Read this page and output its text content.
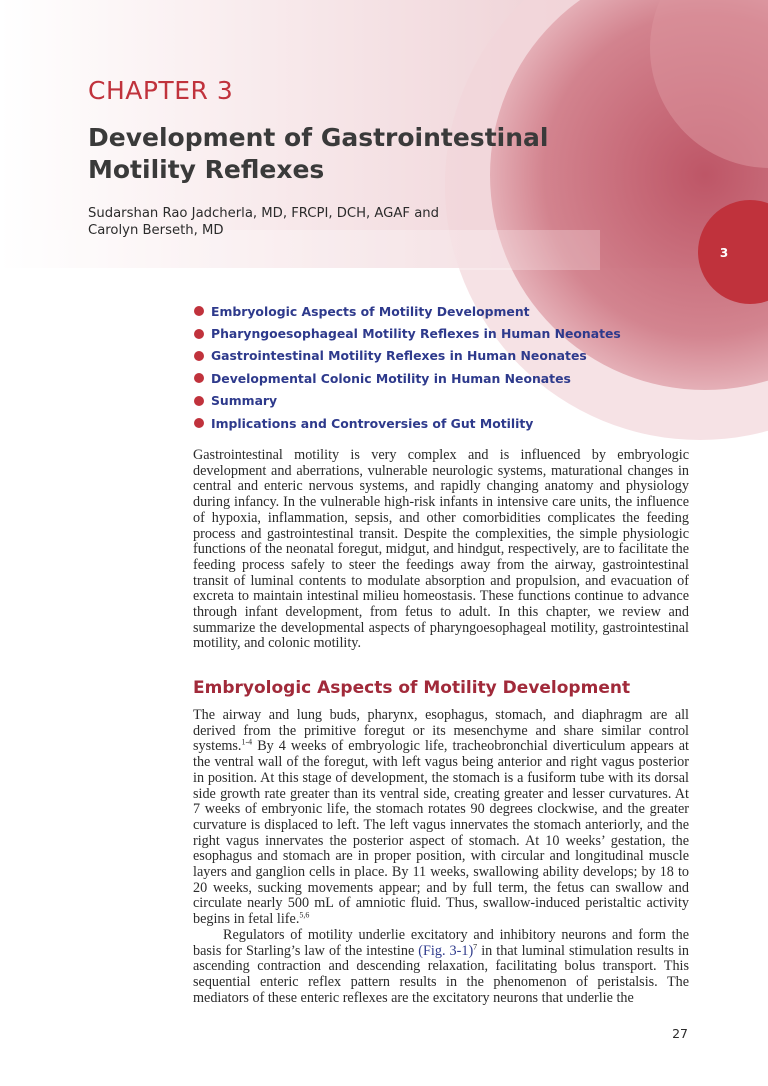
CHAPTER 3
Development of Gastrointestinal
Motility Reflexes
Sudarshan Rao Jadcherla, MD, FRCPI, DCH, AGAF and
Carolyn Berseth, MD
3
Embryologic Aspects of Motility Development
Pharyngoesophageal Motility Reflexes in Human Neonates
Gastrointestinal Motility Reflexes in Human Neonates
Developmental Colonic Motility in Human Neonates
Summary
Implications and Controversies of Gut Motility

Gastrointestinal motility is very complex and is influenced by embryologic development and aberrations, vulnerable neurologic systems, maturational changes in central and enteric nervous systems, and rapidly changing anatomy and physiology during infancy. In the vulnerable high-risk infants in intensive care units, the influence of hypoxia, inflammation, sepsis, and other comorbidities complicates the feeding process and gastrointestinal transit. Despite the complexities, the simple physiologic functions of the neonatal foregut, midgut, and hindgut, respectively, are to facilitate the feeding process safely to steer the feedings away from the airway, gastrointestinal transit of luminal contents to modulate absorption and propulsion, and evacuation of excreta to maintain intestinal milieu homeostasis. These functions continue to advance through infant development, from fetus to adult. In this chapter, we review and summarize the developmental aspects of pharyngoesophageal motility, gastrointestinal motility, and colonic motility.

Embryologic Aspects of Motility Development

The airway and lung buds, pharynx, esophagus, stomach, and diaphragm are all derived from the primitive foregut or its mesenchyme and share similar control systems.$^{1-4}$ By 4 weeks of embryologic life, tracheobronchial diverticulum appears at the ventral wall of the foregut, with left vagus being anterior and right vagus posterior in position. At this stage of development, the stomach is a fusiform tube with its dorsal side growth rate greater than its ventral side, creating greater and lesser curvatures. At 7 weeks of embryonic life, the stomach rotates 90 degrees clockwise, and the greater curvature is displaced to left. The left vagus innervates the stomach anteriorly, and the right vagus innervates the posterior aspect of stomach. At 10 weeks’ gestation, the esophagus and stomach are in proper position, with circular and longitudinal muscle layers and ganglion cells in place. By 11 weeks, swallowing ability develops; by 18 to 20 weeks, sucking movements appear; and by full term, the fetus can swallow and circulate nearly 500 mL of amniotic fluid. Thus, swallow-induced peristaltic activity begins in fetal life.$^{5,6}$

Regulators of motility underlie excitatory and inhibitory neurons and form the basis for Starling’s law of the intestine (Fig. 3-1)$^7$ in that luminal stimulation results in ascending contraction and descending relaxation, facilitating bolus transport. This sequential enteric reflex pattern results in the phenomenon of peristalsis. The mediators of these enteric reflexes are the excitatory neurons that underlie the

27
